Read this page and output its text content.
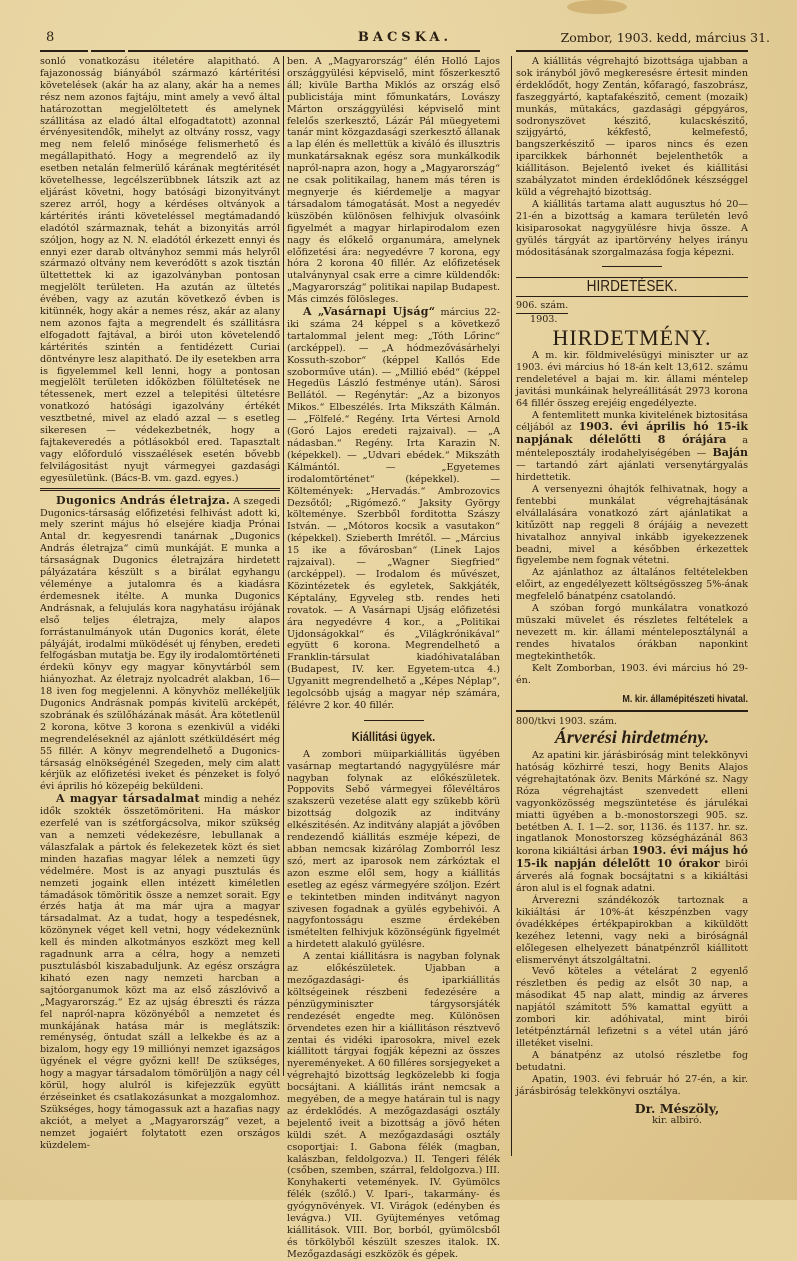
8	BACSKA.	Zombor, 1903. kedd, március 31.

sonló vonatkozásu itéletére alapitható. A fajazonosság biányából származó kártéritési követelések (akár ha az alany, akár ha a nemes rész nem azonos fajtáju, mint amely a vevő által határozottan megjelöltetett és amelynek szállitása az eladó által elfogadtatott) azonnal érvényesitendők, mihelyt az oltvány rossz, vagy meg nem felelő minősége felismerhető és megállapitható. Hogy a megrendelő az ily esetben netalán felmerülő kárának megtéritését követelhesse, legcélszerübbnek látszik azt az eljárást követni, hogy batósági bizonyitványt szerez arról, hogy a kérdéses oltványok a kártérités iránti követeléssel megtámadandó eladótól származnak, tehát a bizonyitás arról szóljon, hogy az N. N. eladótól érkezett ennyi és ennyi ezer darab oltványhoz semmi más helyről származó oltvány nem keveródött s azok tisztán ültettettek ki az igazolványban pontosan megjelölt területen. Ha azután az ültetés évében, vagy az azután következő évben is kitünnék, hogy akár a nemes rész, akár az alany nem azonos fajta a megrendelt és szállitásra elfogadott fajtával, a birói uton követelendő kártérités szintén a fentidézett Curiai döntvényre lesz alapitható. De ily esetekben arra is figyelemmel kell lenni, hogy a pontosan megjelölt területen időközben fölültetések ne tétessenek, mert ezzel a telepitési ültetésre vonatkozó hatósági igazolvány értékét vesztbetné, mivel az eladó azzal — s esetleg sikeresen — védekezbetnék, hogy a fajtakeveredés a pótlásokból ered. Tapasztalt vagy előforduló visszaélések esetén bővebb felvilágositást nyujt vármegyei gazdasági egyesületünk. (Bács-B. vm. gazd. egyes.)

Dugonics András életrajza. A szegedi Dugonics-társaság előfizetési felhivást adott ki, mely szerint május hó elsejére kiadja Prónai Antal dr. kegyesrendi tanárnak „Dugonics András életrajza“ cimü munkáját. E munka a társaságnak Dugonics életrajzára hirdetett pályázatára készült s a birálat egyhangu véleménye a jutalomra és a kiadásra érdemesnek itélte. A munka Dugonics Andrásnak, a felujulás kora nagyhatásu irójának első teljes életrajza, mely alapos forrástanulmányok után Dugonics korát, élete pályáját, irodalmi müködését uj fényben, eredeti felfogásban mutatja be. Egy ily irodalomtörténeti érdekü könyv egy magyar könyvtárból sem hiányozhat. Az életrajz nyolcadrét alakban, 16—18 iven fog megjelenni. A könyvhöz mellékeljük Dugonics Andrásnak pompás kivitelü arcképét, szobrának és szülőházának mását. Ára kötetlenül 2 korona, kötve 3 korona s ezenkivül a vidéki megrendeléseknél az ajánlott szétküldésért még 55 fillér. A könyv megrendelhető a Dugonics-társaság elnökségénél Szegeden, mely cim alatt kérjük az előfizetési iveket és pénzeket is folyó évi április hó közepéig beküldeni.

A magyar társadalmat mindig a nehéz idők szokték összetömöriteni. Ha máskor ezerfelé van is szétforgácsolva, mikor szükség van a nemzeti védekezésre, lebullanak a válaszfalak a pártok és felekezetek közt és siet minden hazafias magyar lélek a nemzeti ügy védelmére. Most is az anyagi pusztulás és nemzeti jogaink ellen intézett kiméletlen támadások tömöritik össze a nemzet sorait. Egy érzés hatja át ma már ujra a magyar társadalmat. Az a tudat, hogy a tespedésnek, közönynek véget kell vetni, hogy védekeznünk kell és minden alkotmányos eszközt meg kell ragadnunk arra a célra, hogy a nemzeti pusztulásból kiszabaduljunk. Az egész országra kiható ezen nagy nemzeti harcban a sajtóorganumok közt ma az első zászlóvivő a „Magyarország.“ Ez az ujság ébreszti és rázza fel napról-napra közönyéből a nemzetet és munkájának hatása már is meglátszik: reménység, öntudat száll a lelkekbe és az a bizalom, hogy egy 19 milliónyi nemzet igazságos ügyének el végre győzni kell! De szükséges, hogy a magyar társadalom tömörüljön a nagy cél körül, hogy alulról is kifejezzük együtt érzéseinket és csatlakozásunkat a mozgalomhoz. Szükséges, hogy támogassuk azt a hazafias nagy akciót, a melyet a „Magyarország“ vezet, a nemzet jogaiért folytatott ezen országos küzdelem-

ben. A „Magyarország“ élén Holló Lajos országgyülési képviselő, mint főszerkesztő áll; kivüle Bartha Miklós az ország első publicistája mint főmunkatárs, Lovászy Márton országgyülési képviselő mint felelős szerkesztő, Lázár Pál müegyetemi tanár mint közgazdasági szerkesztő állanak a lap élén és mellettük a kiváló és illusztris munkatársaknak egész sora munkálkodik napról-napra azon, hogy a „Magyarország“ ne csak politikailag, hanem más téren is megnyerje és kiérdemelje a magyar társadalom támogatását. Most a negyedév küszöbén különösen felhivjuk olvasóink figyelmét a magyar hirlapirodalom ezen nagy és előkelő organumára, amelynek előfizetési ára: negyedévre 7 korona, egy hóra 2 korona 40 fillér. Az előfizetések utalványnyal csak erre a cimre küldendők: „Magyarország“ politikai napilap Budapest. Más cimzés fölösleges.

A „Vasárnapi Ujság“ március 22-iki száma 24 képpel s a következő tartalommal jelent meg: „Tóth Lőrinc“ (arcképpel). — „A hódmezővásárhelyi Kossuth-szobor“ (képpel Kallós Ede szoborműve után). — „Millió ebéd“ (képpel Hegedüs László festménye után). Sárosi Bellától. — Regénytár: „Az a bizonyos Mikos.“ Elbeszélés. Irta Mikszáth Kálmán. — „Fölfelé.“ Regény. Irta Vértesi Arnold (Goró Lajos eredeti rajzaival). — „A nádasban.“ Regény. Irta Karazin N. (képekkel). — „Udvari ebédek.“ Mikszáth Kálmántól. — „Egyetemes irodalomtörténet“ (képekkel). — Költemények: „Hervadás.“ Ambrozovics Dezsőtől; „Rigómező.“ Jaksity György költeménye. Szerbből forditotta Szászy István. — „Mótoros kocsik a vasutakon“ (képekkel). Szieberth Imrétől. — „Március 15 ike a fővárosban“ (Linek Lajos rajzaival). — „Wagner Siegfried“ (arcképpel). — Irodalom és művészet, Közintézetek és egyletek, Sakkjáték, Képtalány, Egyveleg stb. rendes heti rovatok. — A Vasárnapi Ujság előfizetési ára negyedévre 4 kor., a „Politikai Ujdonságokkal“ és „Világkrónikával“ együtt 6 korona. Megrendelhető a Franklin-társulat kiadóhivatalában (Budapest, IV. ker. Egyetem-utca 4.) Ugyanitt megrendelhető a „Képes Néplap“, legolcsóbb ujság a magyar nép számára, félévre 2 kor. 40 fillér.

Kiállitási ügyek.

A zombori müiparkiállitás ügyében vasárnap megtartandó nagygyülésre már nagyban folynak az előkészületek. Poppovits Sebő vármegyei főlevéltáros szakszerü vezetése alatt egy szükebb körü bizottság dolgozik az inditvány elkészitésén. Az inditvány alapját a jövőben rendezendő kiállitás eszméje képezi, de abban nemcsak kizárólag Zomborról lesz szó, mert az iparosok nem zárkóztak el azon eszme elől sem, hogy a kiállitás esetleg az egész vármegyére szóljon. Ezért e tekintetben minden inditványt nagyon szivesen fogadnak a gyülés egybehivói. A nagyfontosságu eszme érdekében ismételten felhivjuk közönségünk figyelmét a hirdetett alakuló gyülésre.

A zentai kiállitásra is nagyban folynak az előkészületek. Ujabban a mezőgazdasági- és iparkiállitás költségeinek részbeni fedezésére a pénzügyminiszter tárgysorsjáték rendezését engedte meg. Különösen örvendetes ezen hir a kiállitáson résztvevő zentai és vidéki iparosokra, mivel ezek kiállitott tárgyai fogják képezni az összes nyereményeket. A 60 filléres sorsjegyeket a végrehajtó bizottság legközelebb ki fogja bocsájtani. A kiállitás iránt nemcsak a megyében, de a megye határain tul is nagy az érdeklődés. A mezőgazdasági osztály bejelentő iveit a bizottság a jövő héten küldi szét. A mezőgazdasági osztály csoportjai: I. Gabona félék (magban, kalászban, feldolgozva.) II. Tengeri félék (csőben, szemben, szárral, feldolgozva.) III. Konyhakerti vetemények. IV. Gyümölcs félék (szőlő.) V. Ipari-, takarmány- és gyógynövények. VI. Virágok (edényben és levágva.) VII. Gyüjteményes vetőmag kiállitások. VIII. Bor, borból, gyümölcsből és törkölyből készült szeszes italok. IX. Mezőgazdasági eszközök és gépek.

A kiállitás végrehajtó bizottsága ujabban a sok irányból jövő megkeresésre értesit minden érdeklődőt, hogy Zentán, kőfaragó, faszobrász, faszeggyártó, kaptafakészitő, cement (mozaik) munkás, mütakács, gazdasági gépgyáros, sodronyszövet készitő, kulacskészitő, szijgyártó, kékfestő, kelmefestő, bangszerkészitő — iparos nincs és ezen iparcikkek bárhonnét bejelenthetők a kiállitáson. Bejelentő iveket és kiállitási szabályzatot minden érdeklődőnek készséggel küld a végrehajtó bizottság.

A kiállitás tartama alatt augusztus hó 20—21-én a bizottság a kamara területén levő kisiparosokat nagygyülésre hivja össze. A gyülés tárgyát az ipartörvény helyes irányu módositásának szorgalmazása fogja képezni.

HIRDETÉSEK.
906. szám.
1903.
HIRDETMÉNY.

A m. kir. földmivelésügyi miniszter ur az 1903. évi március hó 18-án kelt 13,612. számu rendeletével a bajai m. kir. állami méntelep javitási munkáinak helyreállitását 2973 korona 64 fillér összeg erejéig engedélyezte.

A fentemlitett munka kivitelének biztositása céljából az 1903. évi április hó 15-ik napjának délelőtti 8 órájára a ménteleposztály irodahelyiségében — Baján — tartandó zárt ajánlati versenytárgyalás hirdettetik.

A versenyezni óhajtók felhivatnak, hogy a fentebbi munkálat végrehajtásának elvállalására vonatkozó zárt ajánlatikat a kitűzött nap reggeli 8 órájáig a nevezett hivatalhoz annyival inkább igyekezzenek beadni, mivel a későbben érkezettek figyelembe nem fognak vétetni.

Az ajánlathoz az általános feltételekben előirt, az engedélyezett költségösszeg 5%-ának megfelelő bánatpénz csatolandó.

A szóban forgó munkálatra vonatkozó müszaki müvelet és részletes feltételek a nevezett m. kir. állami ménteleposztálynál a rendes hivatalos órákban naponkint megtekinthetők.

Kelt Zomborban, 1903. évi március hó 29-én.

M. kir. államépitészeti hivatal.
800/tkvi 1903. szám.
Árverési hirdetmény.

Az apatini kir. járásbiróság mint telekkönyvi hatóság közhirré teszi, hogy Benits Alajos végrehajtatónak özv. Benits Márkóné sz. Nagy Róza végrehajtást szenvedett elleni vagyonközösség megszüntetése és járulékai miatti ügyében a b.-monostorszegi 905. sz. betétben A. I. 1—2. sor, 1136. és 1137. hr. sz. ingatlanok Monostorszeg községházánál 863 korona kikiáltási árban 1903. évi május hó 15-ik napján délelőtt 10 órakor birói árverés alá fognak bocsájtatni s a kikiáltási áron alul is el fognak adatni.

Árverezni szándékozók tartoznak a kikiáltási ár 10%-át készpénzben vagy óvadékképes értékpapirokban a kiküldött kezéhez letenni, vagy neki a biróságnál előlegesen elhelyezett bánatpénzről kiállitott elismervényt átszolgáltatni.

Vevő köteles a vételárat 2 egyenlő részletben és pedig az elsőt 30 nap, a másodikat 45 nap alatt, mindig az árveres napjától számitott 5% kamattal együtt a zombori kir. adóhivatal, mint birói letétpénztárnál lefizetni s a vétel után járó illetéket viselni.

A bánatpénz az utolsó részletbe fog betudatni.

Apatin, 1903. évi február hó 27-én, a kir. járásbiróság telekkönyvi osztálya.

Dr. Mészöly,
kir. albiró.
